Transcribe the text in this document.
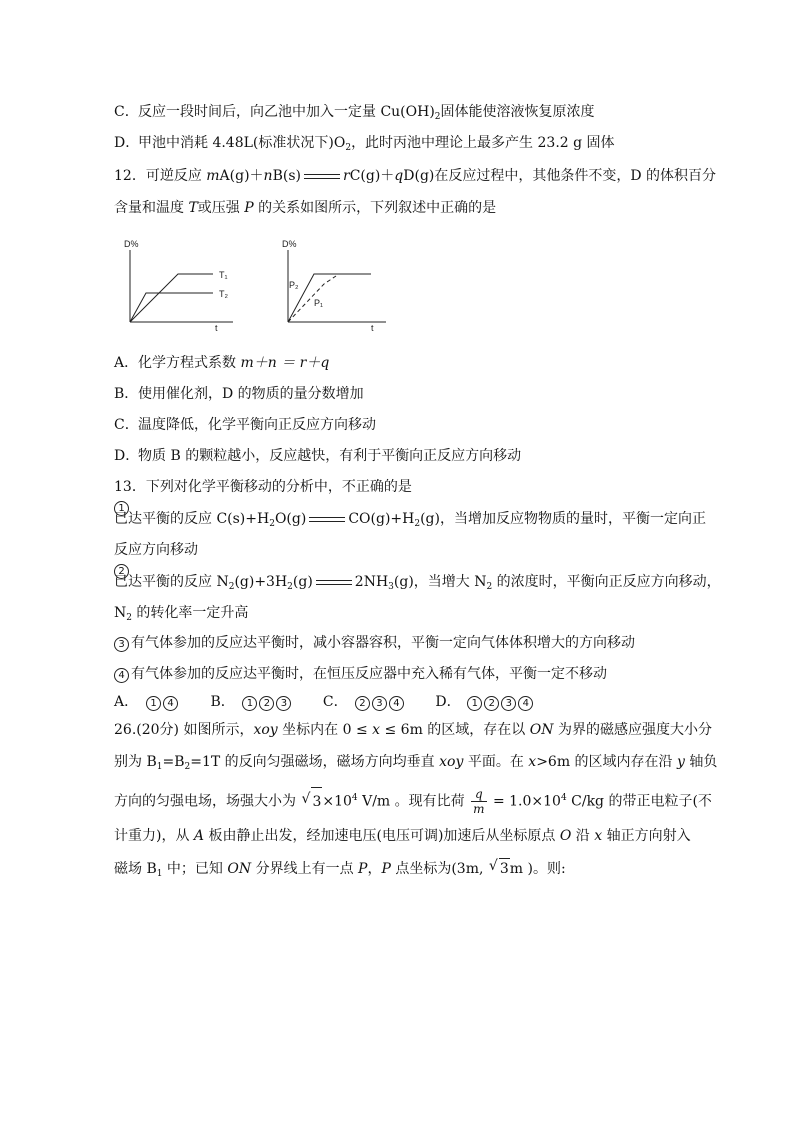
C．反应一段时间后，向乙池中加入一定量 $Cu(OH)_2$固体能使溶液恢复原浓度
D．甲池中消耗 4.48L(标准状况下)$O_2$，此时丙池中理论上最多产生 23.2 g 固体
12．可逆反应 mA(g)＋nB(s)	rC(g)＋qD(g)在反应过程中，其他条件不变，D 的体积百分
含量和温度 T或压强 P 的关系如图所示，下列叙述中正确的是
D%
t
T₁
T₂
D%
t
P₂
P₁
A．化学方程式系数 m＋n ＝ r＋q
B．使用催化剂，D 的物质的量分数增加
C．温度降低，化学平衡向正反应方向移动
D．物质 B 的颗粒越小，反应越快，有利于平衡向正反应方向移动
13．下列对化学平衡移动的分析中，不正确的是
1
已达平衡的反应 $C(s)+H_2O(g)$	$CO(g)+H_2(g)$，当增加反应物物质的量时，平衡一定向正
反应方向移动
2
已达平衡的反应 $N_2(g)+3H_2(g)$	$2NH_3(g)$，当增大 $N_2$ 的浓度时，平衡向正反应方向移动，
$N_2$ 的转化率一定升高
3 有气体参加的反应达平衡时，减小容器容积，平衡一定向气体体积增大的方向移动
4 有气体参加的反应达平衡时，在恒压反应器中充入稀有气体，平衡一定不移动
A． 1 4	B． 1 2 3	C． 2 3 4	D． 1 2 3 4
26.(20分) 如图所示，xoy 坐标内在 0 ≤ x ≤ 6m 的区域，存在以 ON 为界的磁感应强度大小分
别为 $B_1=B_2=1T$ 的反向匀强磁场，磁场方向均垂直 xoy 平面。在 x>6m 的区域内存在沿 y 轴负
方向的匀强电场，场强大小为 √ $3\times 10^4$ V/m 。现有比荷 $\frac{q}{m} = 1.0\times 10^4$ C/kg 的带正电粒子(不
计重力)，从 A 板由静止出发，经加速电压(电压可调)加速后从坐标原点 O 沿 x 轴正方向射入
磁场 $B_1$ 中；已知 ON 分界线上有一点 P，P 点坐标为(3m, √ 3m )。则:
